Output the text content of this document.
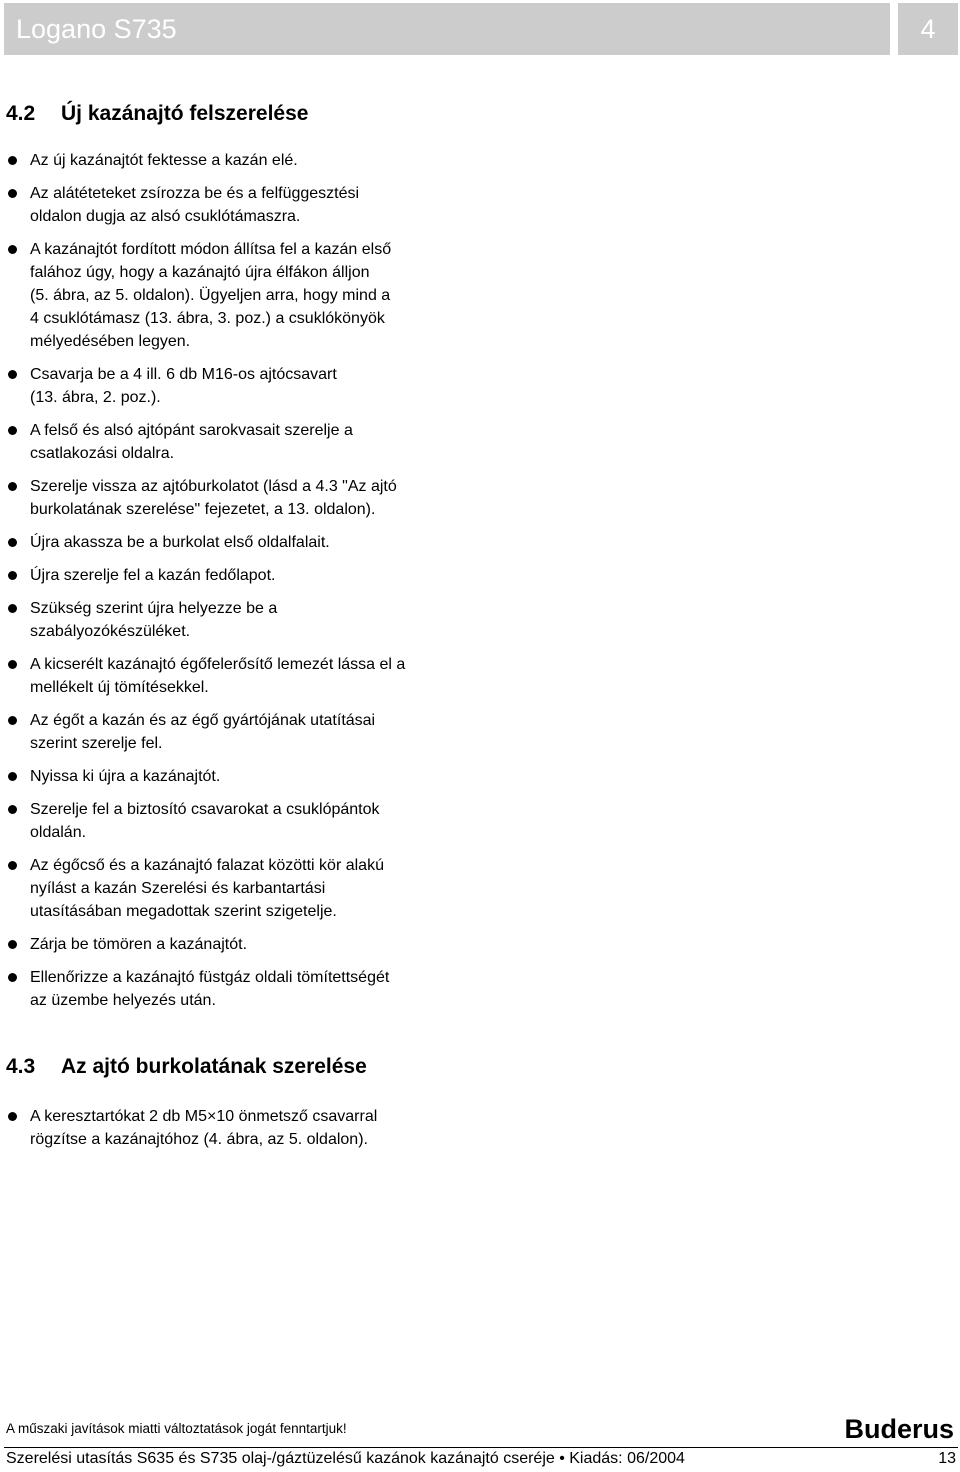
Logano S735	4
4.2 Új kazánajtó felszerelése
Az új kazánajtót fektesse a kazán elé.
Az alátéteteket zsírozza be és a felfüggesztési
oldalon dugja az alsó csuklótámaszra.
A kazánajtót fordított módon állítsa fel a kazán első
falához úgy, hogy a kazánajtó újra élfákon álljon
(5. ábra, az 5. oldalon). Ügyeljen arra, hogy mind a
4 csuklótámasz (13. ábra, 3. poz.) a csuklókönyök
mélyedésében legyen.
Csavarja be a 4 ill. 6 db M16-os ajtócsavart
(13. ábra, 2. poz.).
A felső és alsó ajtópánt sarokvasait szerelje a
csatlakozási oldalra.
Szerelje vissza az ajtóburkolatot (lásd a 4.3 "Az ajtó
burkolatának szerelése" fejezetet, a 13. oldalon).
Újra akassza be a burkolat első oldalfalait.
Újra szerelje fel a kazán fedőlapot.
Szükség szerint újra helyezze be a
szabályozókészüléket.
A kicserélt kazánajtó égőfelerősítő lemezét lássa el a
mellékelt új tömítésekkel.
Az égőt a kazán és az égő gyártójának utatításai
szerint szerelje fel.
Nyissa ki újra a kazánajtót.
Szerelje fel a biztosító csavarokat a csuklópántok
oldalán.
Az égőcső és a kazánajtó falazat közötti kör alakú
nyílást a kazán Szerelési és karbantartási
utasításában megadottak szerint szigetelje.
Zárja be tömören a kazánajtót.
Ellenőrizze a kazánajtó füstgáz oldali tömítettségét
az üzembe helyezés után.
4.3 Az ajtó burkolatának szerelése
A keresztartókat 2 db M5×10 önmetsző csavarral
rögzítse a kazánajtóhoz (4. ábra, az 5. oldalon).
A műszaki javítások miatti változtatások jogát fenntartjuk!	Buderus
Szerelési utasítás S635 és S735 olaj-/gáztüzelésű kazánok kazánajtó cseréje • Kiadás: 06/2004	13
